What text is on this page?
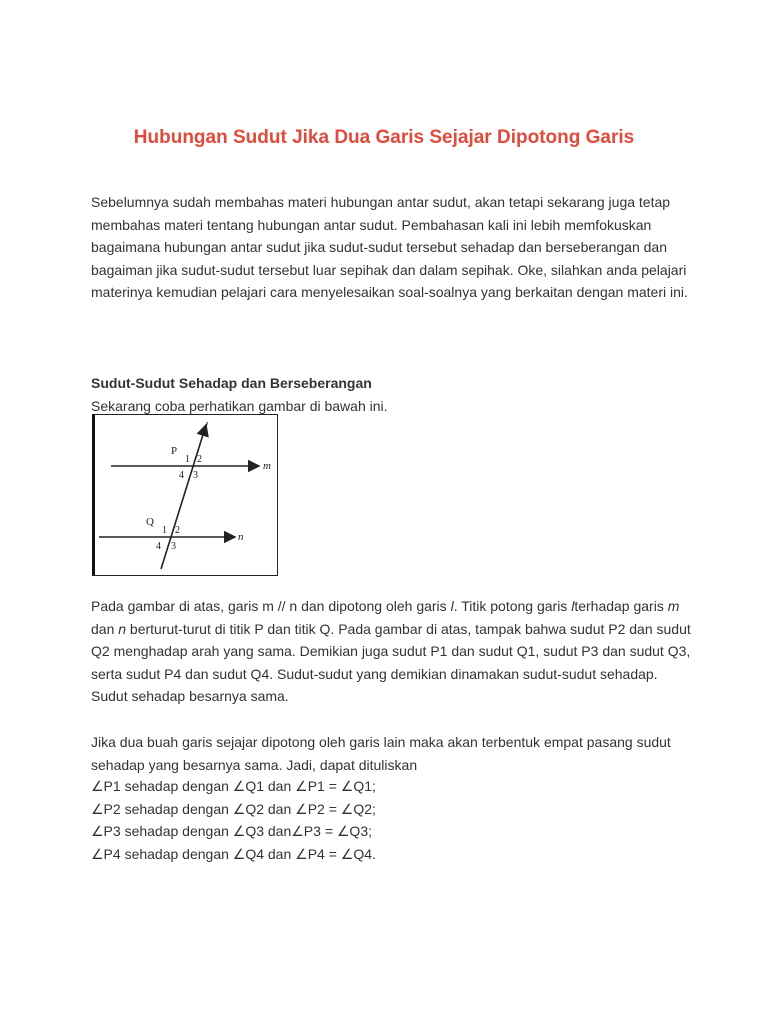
Hubungan Sudut Jika Dua Garis Sejajar Dipotong Garis

Sebelumnya sudah membahas materi hubungan antar sudut, akan tetapi sekarang juga tetap membahas materi tentang hubungan antar sudut. Pembahasan kali ini lebih memfokuskan bagaimana hubungan antar sudut jika sudut-sudut tersebut sehadap dan berseberangan dan bagaiman jika sudut-sudut tersebut luar sepihak dan dalam sepihak. Oke, silahkan anda pelajari materinya kemudian pelajari cara menyelesaikan soal-soalnya yang berkaitan dengan materi ini.

Sudut-Sudut Sehadap dan Berseberangan

Sekarang coba perhatikan gambar di bawah ini.

l
m
n
P
Q
1 2
3
4
1 2
3
4

Pada gambar di atas, garis m // n dan dipotong oleh garis l. Titik potong garis lterhadap garis m dan n berturut-turut di titik P dan titik Q. Pada gambar di atas, tampak bahwa sudut P2 dan sudut Q2 menghadap arah yang sama. Demikian juga sudut P1 dan sudut Q1, sudut P3 dan sudut Q3, serta sudut P4 dan sudut Q4. Sudut-sudut yang demikian dinamakan sudut-sudut sehadap. Sudut sehadap besarnya sama.

Jika dua buah garis sejajar dipotong oleh garis lain maka akan terbentuk empat pasang sudut sehadap yang besarnya sama. Jadi, dapat dituliskan

∠P1 sehadap dengan ∠Q1 dan ∠P1 = ∠Q1;
∠P2 sehadap dengan ∠Q2 dan ∠P2 = ∠Q2;
∠P3 sehadap dengan ∠Q3 dan∠P3 = ∠Q3;
∠P4 sehadap dengan ∠Q4 dan ∠P4 = ∠Q4.
